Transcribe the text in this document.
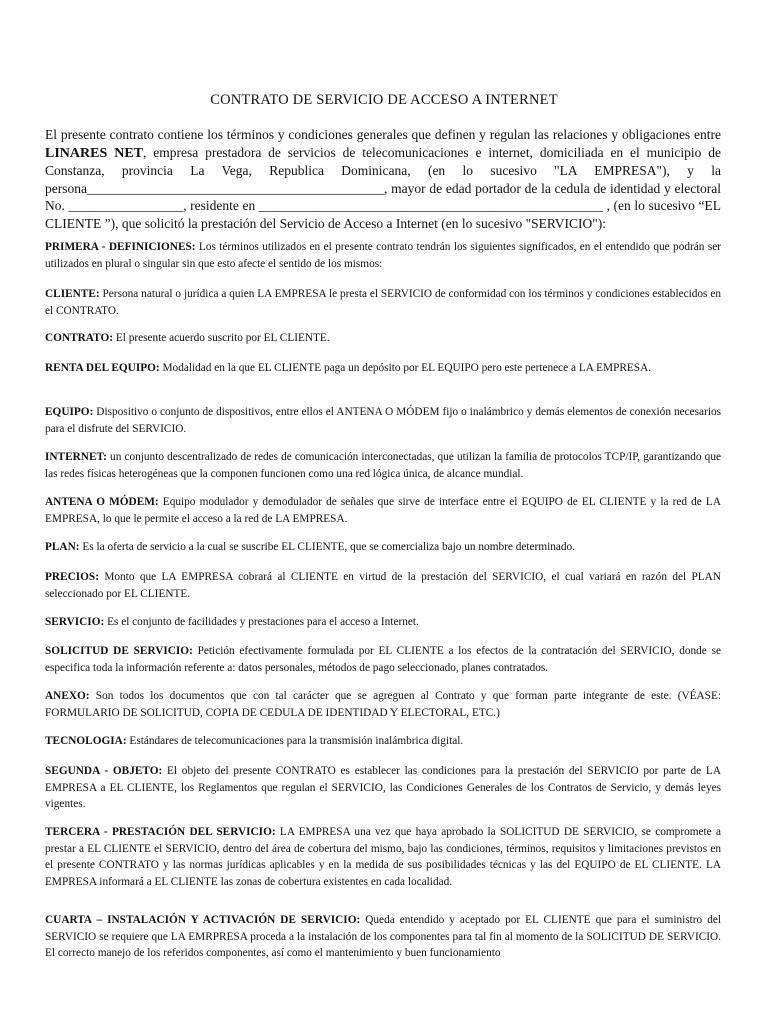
CONTRATO DE SERVICIO DE ACCESO A INTERNET

El presente contrato contiene los términos y condiciones generales que definen y regulan las relaciones y obligaciones entre LINARES NET, empresa prestadora de servicios de telecomunicaciones e internet, domiciliada en el municipio de Constanza, provincia La Vega, Republica Dominicana, (en lo sucesivo "LA EMPRESA"), y la persona____________________________________________, mayor de edad portador de la cedula de identidad y electoral No. _________________, residente en ___________________________________________________ , (en lo sucesivo “EL CLIENTE ”), que solicitó la prestación del Servicio de Acceso a Internet (en lo sucesivo "SERVICIO"):

PRIMERA - DEFINICIONES: Los términos utilizados en el presente contrato tendrán los siguientes significados, en el entendido que podrán ser utilizados en plural o singular sin que esto afecte el sentido de los mismos:

CLIENTE: Persona natural o jurídica a quien LA EMPRESA le presta el SERVICIO de conformidad con los términos y condiciones establecidos en el CONTRATO.

CONTRATO: El presente acuerdo suscrito por EL CLIENTE.

RENTA DEL EQUIPO: Modalidad en la que EL CLIENTE paga un depósito por EL EQUIPO pero este pertenece a LA EMPRESA.

EQUIPO: Dispositivo o conjunto de dispositivos, entre ellos el ANTENA O MÓDEM fijo o inalámbrico y demás elementos de conexión necesarios para el disfrute del SERVICIO.

INTERNET: un conjunto descentralizado de redes de comunicación interconectadas, que utilizan la familia de protocolos TCP/IP, garantizando que las redes físicas heterogéneas que la componen funcionen como una red lógica única, de alcance mundial.

ANTENA O MÓDEM: Equipo modulador y demodulador de señales que sirve de interface entre el EQUIPO de EL CLIENTE y la red de LA EMPRESA, lo que le permite el acceso a la red de LA EMPRESA.

PLAN: Es la oferta de servicio a la cual se suscribe EL CLIENTE, que se comercializa bajo un nombre determinado.

PRECIOS: Monto que LA EMPRESA cobrará al CLIENTE en virtud de la prestación del SERVICIO, el cual variará en razón del PLAN seleccionado por EL CLIENTE.

SERVICIO: Es el conjunto de facilidades y prestaciones para el acceso a Internet.

SOLICITUD DE SERVICIO: Petición efectivamente formulada por EL CLIENTE a los efectos de la contratación del SERVICIO, donde se especifica toda la información referente a: datos personales, métodos de pago seleccionado, planes contratados.

ANEXO: Son todos los documentos que con tal carácter que se agreguen al Contrato y que forman parte integrante de este. (VÉASE: FORMULARIO DE SOLICITUD, COPIA DE CEDULA DE IDENTIDAD Y ELECTORAL, ETC.)

TECNOLOGIA: Estándares de telecomunicaciones para la transmisión inalámbrica digital.

SEGUNDA - OBJETO: El objeto del presente CONTRATO es establecer las condiciones para la prestación del SERVICIO por parte de LA EMPRESA a EL CLIENTE, los Reglamentos que regulan el SERVICIO, las Condiciones Generales de los Contratos de Servicio, y demás leyes vigentes.

TERCERA - PRESTACIÓN DEL SERVICIO: LA EMPRESA una vez que haya aprobado la SOLICITUD DE SERVICIO, se compromete a prestar a EL CLIENTE el SERVICIO, dentro del área de cobertura del mismo, bajo las condiciones, términos, requisitos y limitaciones previstos en el presente CONTRATO y las normas jurídicas aplicables y en la medida de sus posibilidades técnicas y las del EQUIPO de EL CLIENTE. LA EMPRESA informará a EL CLIENTE las zonas de cobertura existentes en cada localidad.

CUARTA – INSTALACIÓN Y ACTIVACIÓN DE SERVICIO: Queda entendido y aceptado por EL CLIENTE que para el suministro del SERVICIO se requiere que LA EMRPRESA proceda a la instalación de los componentes para tal fin al momento de la SOLICITUD DE SERVICIO. El correcto manejo de los referidos componentes, así como el mantenimiento y buen funcionamiento
